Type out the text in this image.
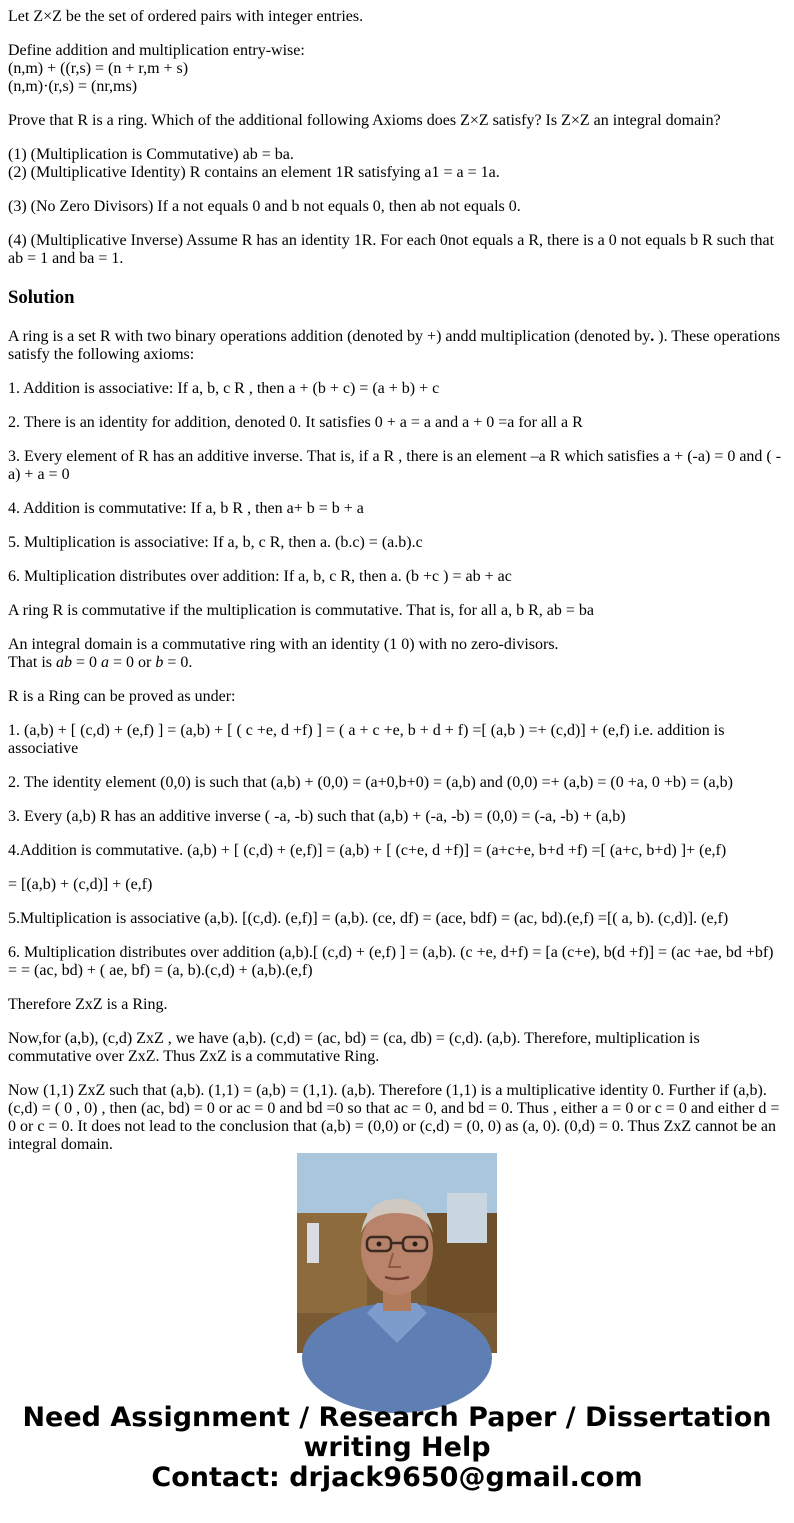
Let Z×Z be the set of ordered pairs with integer entries.

Define addition and multiplication entry-wise:
(n,m) + ((r,s) = (n + r,m + s)
(n,m)·(r,s) = (nr,ms)

Prove that R is a ring. Which of the additional following Axioms does Z×Z satisfy? Is Z×Z an integral domain?

(1) (Multiplication is Commutative) ab = ba.
(2) (Multiplicative Identity) R contains an element 1R satisfying a1 = a = 1a.

(3) (No Zero Divisors) If a not equals 0 and b not equals 0, then ab not equals 0.

(4) (Multiplicative Inverse) Assume R has an identity 1R. For each 0not equals a R, there is a 0 not equals b R such that ab = 1 and ba = 1.

Solution

A ring is a set R with two binary operations addition (denoted by +) andd multiplication (denoted by. ). These operations satisfy the following axioms:

1. Addition is associative: If a, b, c R , then a + (b + c) = (a + b) + c

2. There is an identity for addition, denoted 0. It satisfies 0 + a = a and a + 0 =a for all a R

3. Every element of R has an additive inverse. That is, if a R , there is an element –a R which satisfies a + (-a) = 0 and ( -a) + a = 0

4. Addition is commutative: If a, b R , then a+ b = b + a

5. Multiplication is associative: If a, b, c R, then a. (b.c) = (a.b).c

6. Multiplication distributes over addition: If a, b, c R, then a. (b +c ) = ab + ac

A ring R is commutative if the multiplication is commutative. That is, for all a, b R, ab = ba

An integral domain is a commutative ring with an identity (1 0) with no zero-divisors.
That is ab = 0 a = 0 or b = 0.

R is a Ring can be proved as under:

1. (a,b) + [ (c,d) + (e,f) ] = (a,b) + [ ( c +e, d +f) ] = ( a + c +e, b + d + f) =[ (a,b ) =+ (c,d)] + (e,f) i.e. addition is associative

2. The identity element (0,0) is such that (a,b) + (0,0) = (a+0,b+0) = (a,b) and (0,0) =+ (a,b) = (0 +a, 0 +b) = (a,b)

3. Every (a,b) R has an additive inverse ( -a, -b) such that (a,b) + (-a, -b) = (0,0) = (-a, -b) + (a,b)

4.Addition is commutative. (a,b) + [ (c,d) + (e,f)] = (a,b) + [ (c+e, d +f)] = (a+c+e, b+d +f) =[ (a+c, b+d) ]+ (e,f)

= [(a,b) + (c,d)] + (e,f)

5.Multiplication is associative (a,b). [(c,d). (e,f)] = (a,b). (ce, df) = (ace, bdf) = (ac, bd).(e,f) =[( a, b). (c,d)]. (e,f)

6. Multiplication distributes over addition (a,b).[ (c,d) + (e,f) ] = (a,b). (c +e, d+f) = [a (c+e), b(d +f)] = (ac +ae, bd +bf) = = (ac, bd) + ( ae, bf) = (a, b).(c,d) + (a,b).(e,f)

Therefore ZxZ is a Ring.

Now,for (a,b), (c,d) ZxZ , we have (a,b). (c,d) = (ac, bd) = (ca, db) = (c,d). (a,b). Therefore, multiplication is commutative over ZxZ. Thus ZxZ is a commutative Ring.

Now (1,1) ZxZ such that (a,b). (1,1) = (a,b) = (1,1). (a,b). Therefore (1,1) is a multiplicative identity 0. Further if (a,b).(c,d) = ( 0 , 0) , then (ac, bd) = 0 or ac = 0 and bd =0 so that ac = 0, and bd = 0. Thus , either a = 0 or c = 0 and either d = 0 or c = 0. It does not lead to the conclusion that (a,b) = (0,0) or (c,d) = (0, 0) as (a, 0). (0,d) = 0. Thus ZxZ cannot be an integral domain.

Need Assignment / Research Paper / Dissertation
writing Help
Contact: drjack9650@gmail.com
